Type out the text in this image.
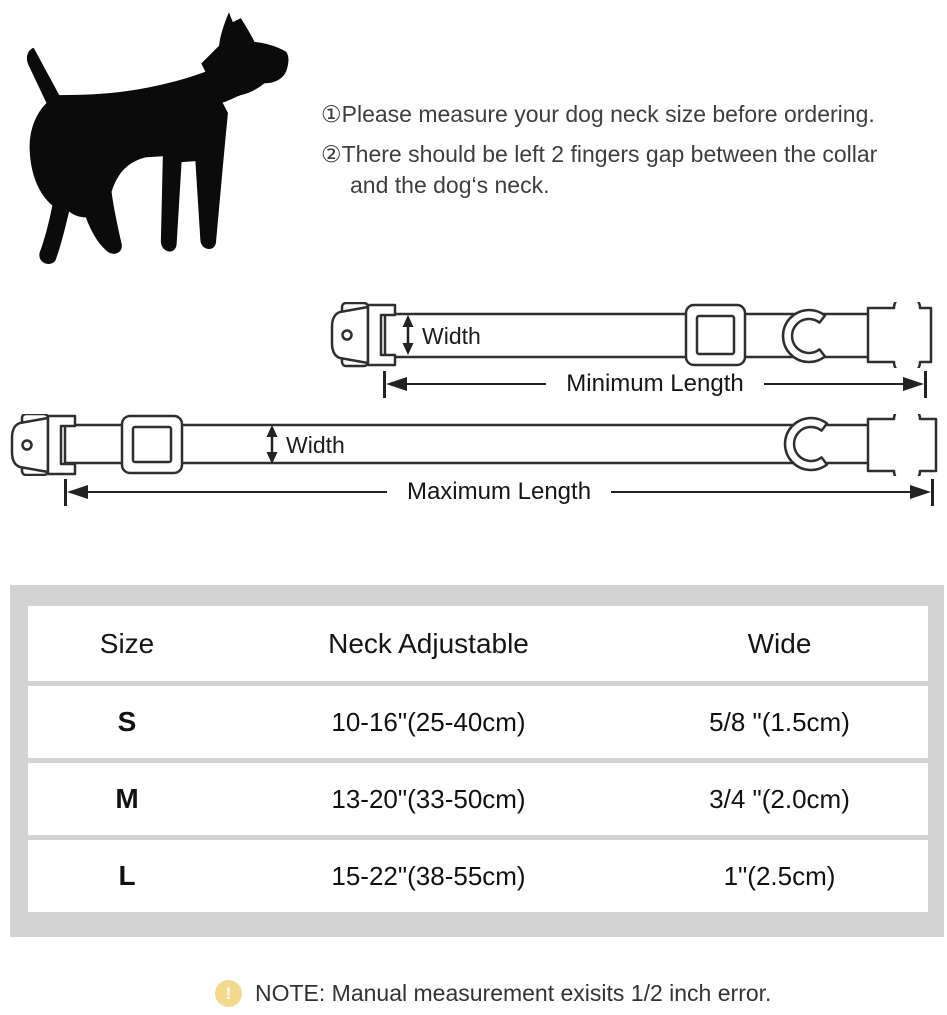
①Please measure your dog neck size before ordering.

②There should be left 2 fingers gap between the collar and the dog‘s neck.

Width
Minimum Length
Width
Maximum Length
Size	Neck Adjustable	Wide
S	10-16"(25-40cm)	5/8 "(1.5cm)
M	13-20"(33-50cm)	3/4 "(2.0cm)
L	15-22"(38-55cm)	1"(2.5cm)
!	NOTE: Manual measurement exisits 1/2 inch error.
